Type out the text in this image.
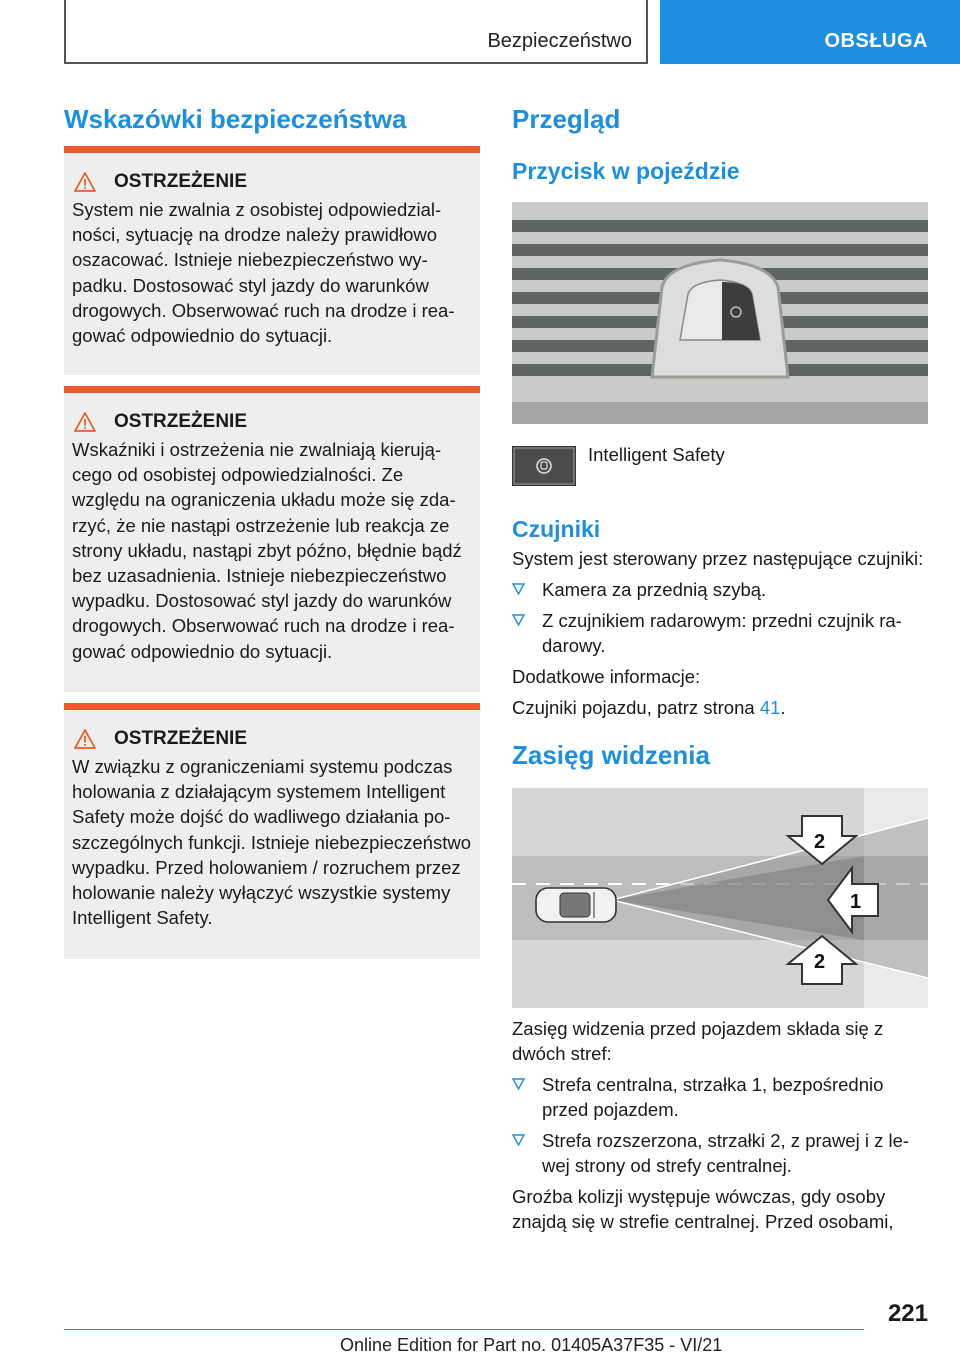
Bezpieczeństwo	OBSŁUGA
Wskazówki bezpieczeństwa
OSTRZEŻENIE

System nie zwalnia z osobistej odpowiedzialności, sytuację na drodze należy prawidłowo oszacować. Istnieje niebezpieczeństwo wypadku. Dostosować styl jazdy do warunków drogowych. Obserwować ruch na drodze i reagować odpowiednio do sytuacji.

OSTRZEŻENIE

Wskaźniki i ostrzeżenia nie zwalniają kierującego od osobistej odpowiedzialności. Ze względu na ograniczenia układu może się zdarzyć, że nie nastąpi ostrzeżenie lub reakcja ze strony układu, nastąpi zbyt późno, błędnie bądź bez uzasadnienia. Istnieje niebezpieczeństwo wypadku. Dostosować styl jazdy do warunków drogowych. Obserwować ruch na drodze i reagować odpowiednio do sytuacji.

OSTRZEŻENIE

W związku z ograniczeniami systemu podczas holowania z działającym systemem Intelligent Safety może dojść do wadliwego działania poszczególnych funkcji. Istnieje niebezpieczeństwo wypadku. Przed holowaniem / rozruchem przez holowanie należy wyłączyć wszystkie systemy Intelligent Safety.

Przegląd
Przycisk w pojeździe
Intelligent Safety
Czujniki

System jest sterowany przez następujące czujniki:

Kamera za przednią szybą.
Z czujnikiem radarowym: przedni czujnik radarowy.

Dodatkowe informacje:

Czujniki pojazdu, patrz strona 41.

Zasięg widzenia
2
1
2

Zasięg widzenia przed pojazdem składa się z dwóch stref:

Strefa centralna, strzałka 1, bezpośrednio przed pojazdem.
Strefa rozszerzona, strzałki 2, z prawej i z lewej strony od strefy centralnej.

Groźba kolizji występuje wówczas, gdy osoby znajdą się w strefie centralnej. Przed osobami,

221
Online Edition for Part no. 01405A37F35 - VI/21
